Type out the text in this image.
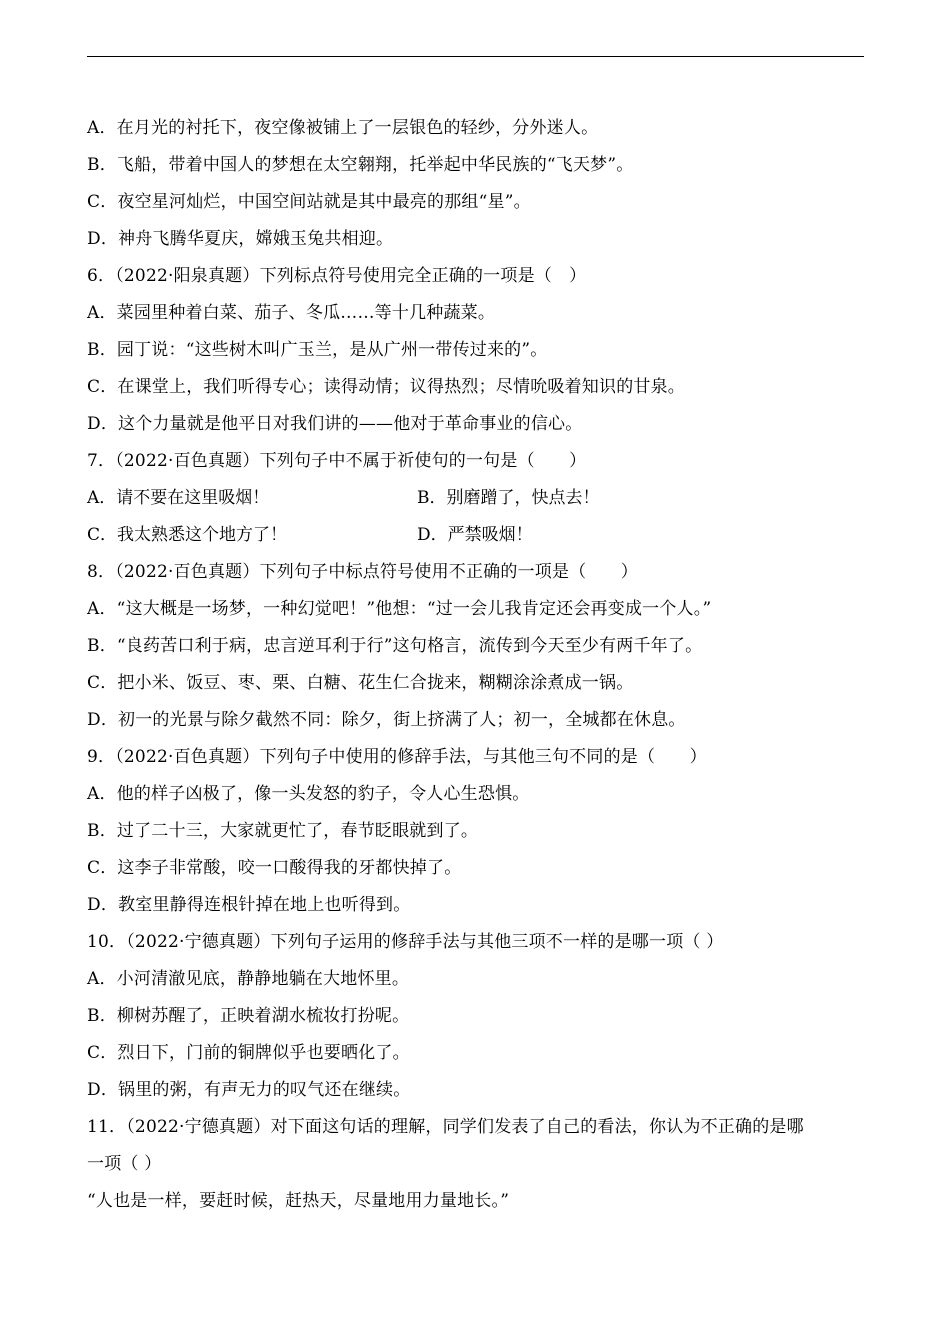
A．在月光的衬托下，夜空像被铺上了一层银色的轻纱，分外迷人。
B．飞船，带着中国人的梦想在太空翱翔，托举起中华民族的“飞天梦”。
C．夜空星河灿烂，中国空间站就是其中最亮的那组“星”。
D．神舟飞腾华夏庆，嫦娥玉兔共相迎。
6．（2022·阳泉真题）下列标点符号使用完全正确的一项是（　）
A．菜园里种着白菜、茄子、冬瓜……等十几种蔬菜。
B．园丁说：“这些树木叫广玉兰，是从广州一带传过来的”。
C．在课堂上，我们听得专心；读得动情；议得热烈；尽情吮吸着知识的甘泉。
D．这个力量就是他平日对我们讲的——他对于革命事业的信心。
7．（2022·百色真题）下列句子中不属于祈使句的一句是（　　）
A．请不要在这里吸烟！	B．别磨蹭了，快点去！
C．我太熟悉这个地方了！	D．严禁吸烟！
8．（2022·百色真题）下列句子中标点符号使用不正确的一项是（　　）
A．“这大概是一场梦，一种幻觉吧！”他想：“过一会儿我肯定还会再变成一个人。”
B．“良药苦口利于病，忠言逆耳利于行”这句格言，流传到今天至少有两千年了。
C．把小米、饭豆、枣、栗、白糖、花生仁合拢来，糊糊涂涂煮成一锅。
D．初一的光景与除夕截然不同：除夕，街上挤满了人；初一，全城都在休息。
9．（2022·百色真题）下列句子中使用的修辞手法，与其他三句不同的是（　　）
A．他的样子凶极了，像一头发怒的豹子，令人心生恐惧。
B．过了二十三，大家就更忙了，春节眨眼就到了。
C．这李子非常酸，咬一口酸得我的牙都快掉了。
D．教室里静得连根针掉在地上也听得到。
10．（2022·宁德真题）下列句子运用的修辞手法与其他三项不一样的是哪一项（ ）
A．小河清澈见底，静静地躺在大地怀里。
B．柳树苏醒了，正映着湖水梳妆打扮呢。
C．烈日下，门前的铜牌似乎也要晒化了。
D．锅里的粥，有声无力的叹气还在继续。
11．（2022·宁德真题）对下面这句话的理解，同学们发表了自己的看法，你认为不正确的是哪
一项（ ）
“人也是一样，要赶时候，赶热天，尽量地用力量地长。”
